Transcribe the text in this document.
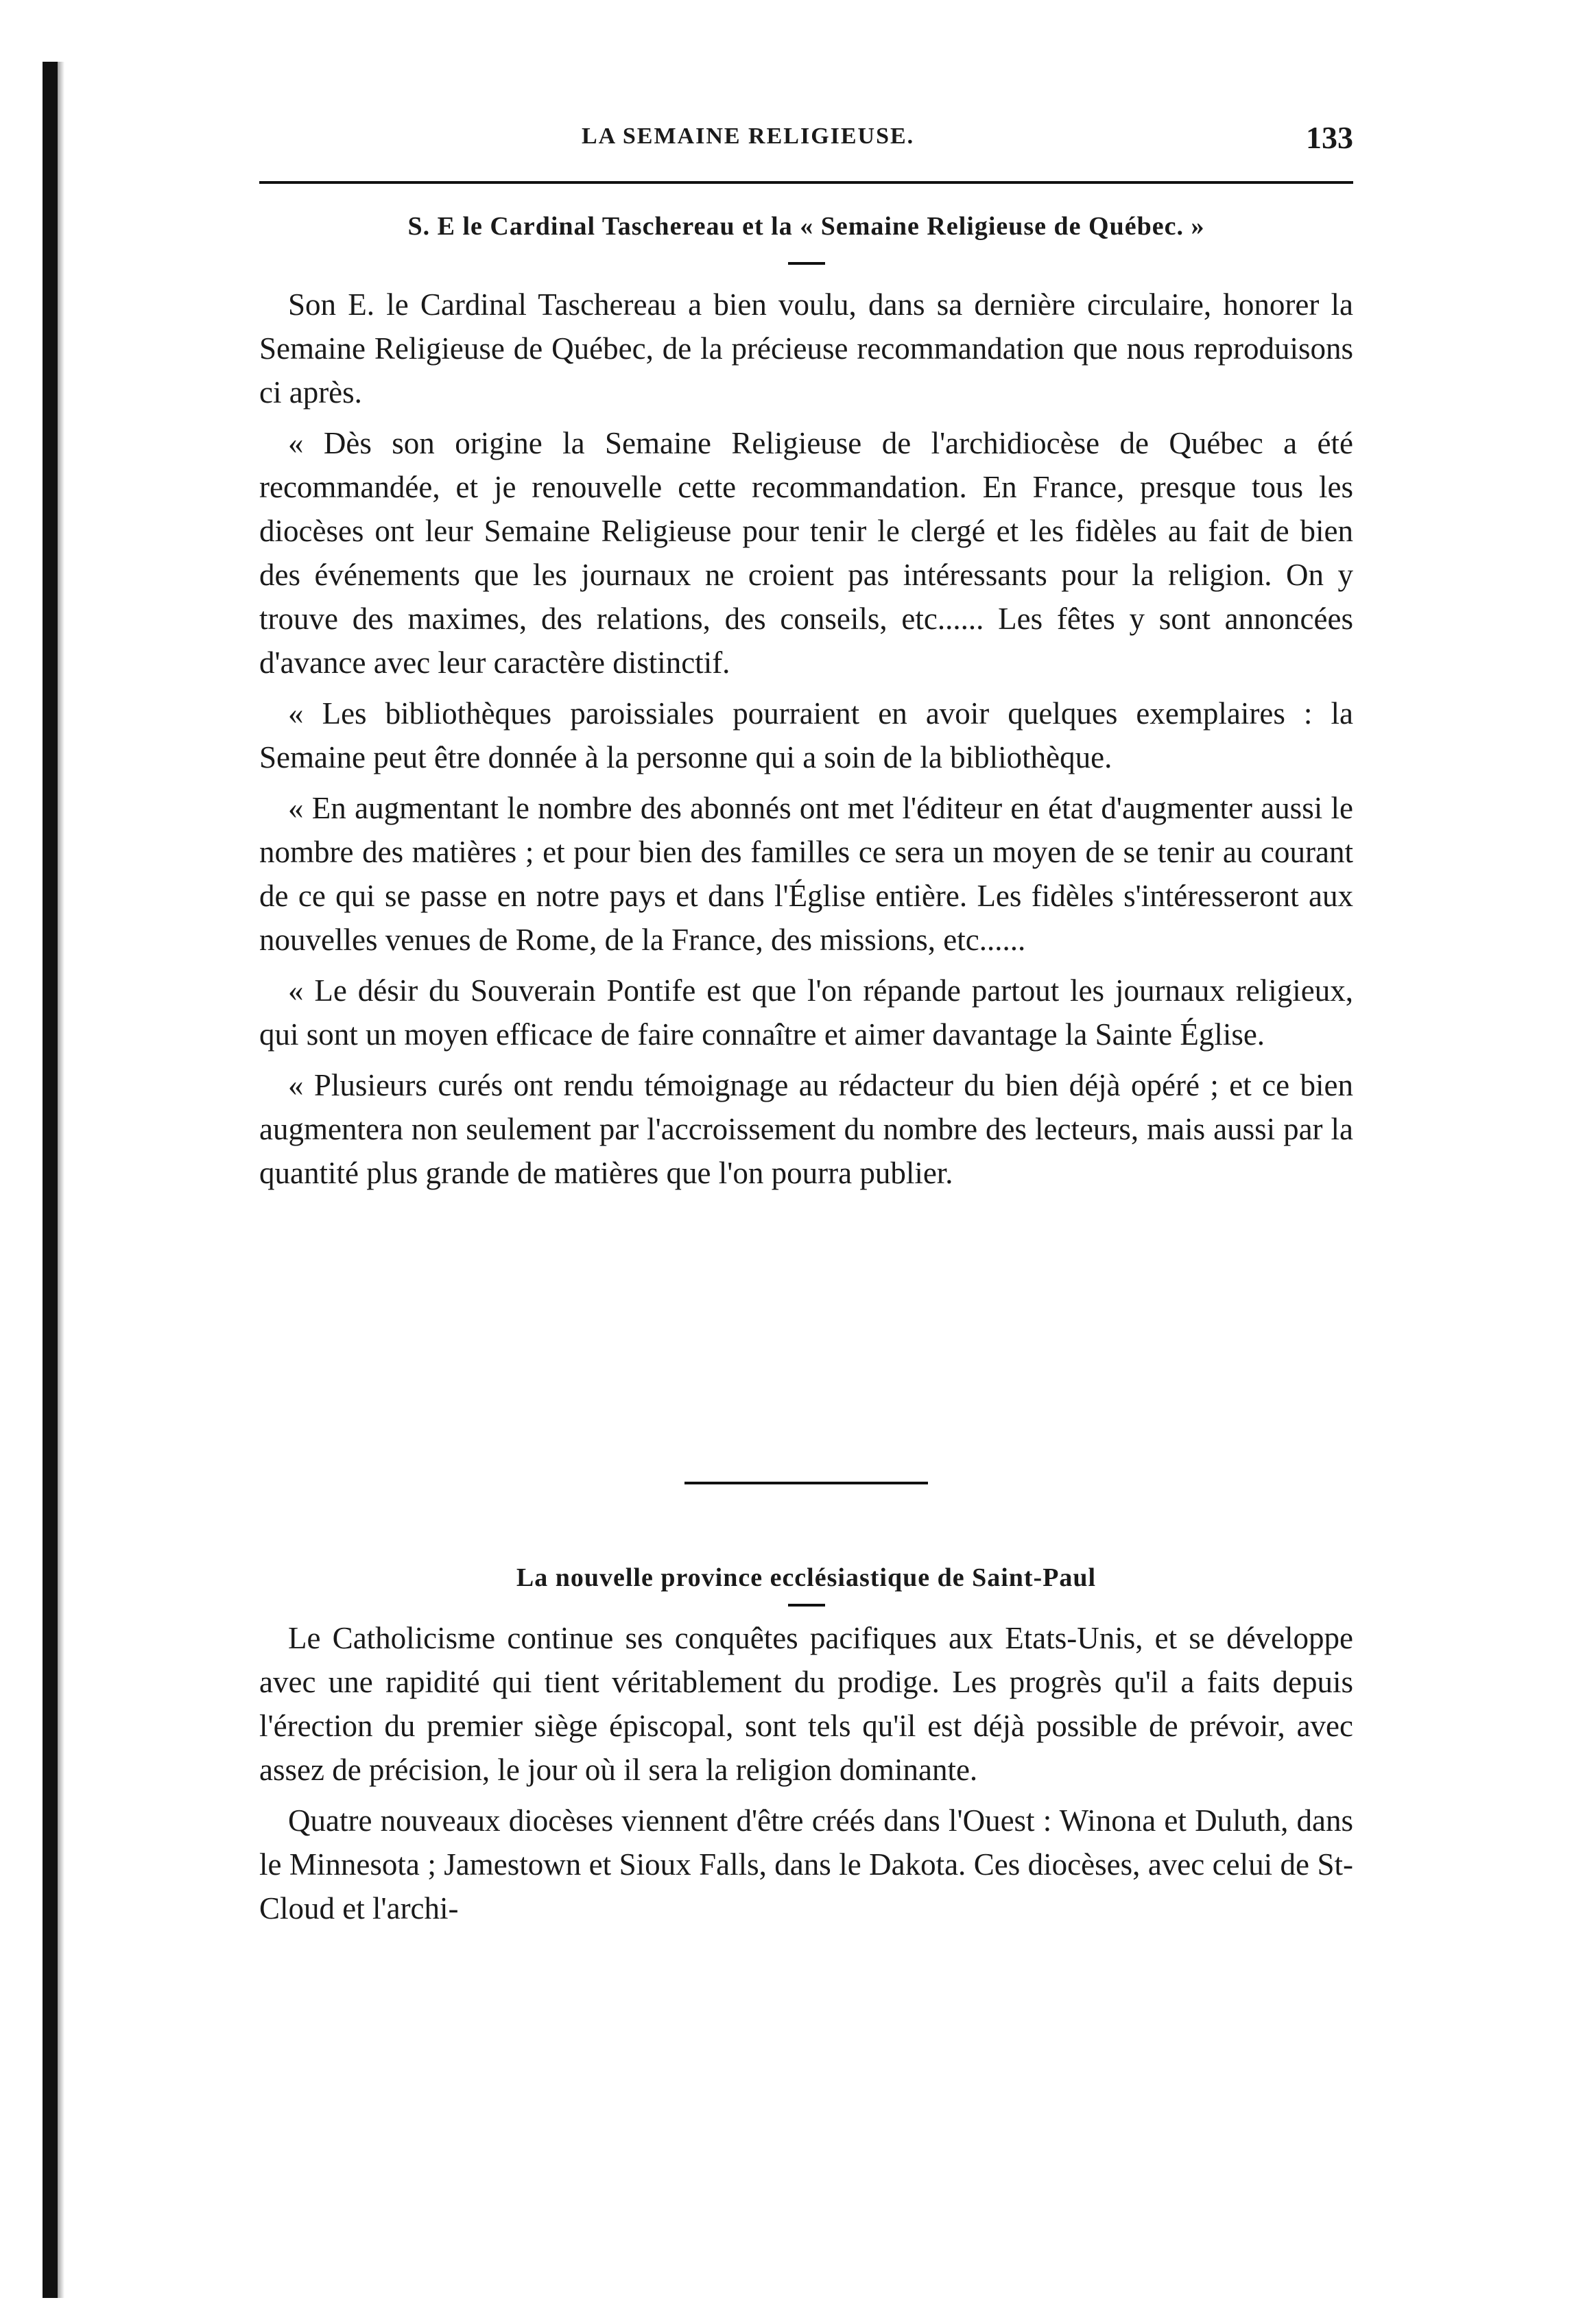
LA SEMAINE RELIGIEUSE.	133
S. E le Cardinal Taschereau et la « Semaine Religieuse de Québec. »

Son E. le Cardinal Taschereau a bien voulu, dans sa dernière circulaire, honorer la Semaine Religieuse de Québec, de la précieuse recommandation que nous reproduisons ci après.

« Dès son origine la Semaine Religieuse de l'archidiocèse de Québec a été recommandée, et je renouvelle cette recommandation. En France, presque tous les diocèses ont leur Semaine Religieuse pour tenir le clergé et les fidèles au fait de bien des événements que les journaux ne croient pas intéressants pour la religion. On y trouve des maximes, des relations, des conseils, etc...... Les fêtes y sont annoncées d'avance avec leur caractère distinctif.

« Les bibliothèques paroissiales pourraient en avoir quelques exemplaires : la Semaine peut être donnée à la personne qui a soin de la bibliothèque.

« En augmentant le nombre des abonnés ont met l'éditeur en état d'augmenter aussi le nombre des matières ; et pour bien des familles ce sera un moyen de se tenir au courant de ce qui se passe en notre pays et dans l'Église entière. Les fidèles s'intéresseront aux nouvelles venues de Rome, de la France, des missions, etc......

« Le désir du Souverain Pontife est que l'on répande partout les journaux religieux, qui sont un moyen efficace de faire connaître et aimer davantage la Sainte Église.

« Plusieurs curés ont rendu témoignage au rédacteur du bien déjà opéré ; et ce bien augmentera non seulement par l'accroissement du nombre des lecteurs, mais aussi par la quantité plus grande de matières que l'on pourra publier.

La nouvelle province ecclésiastique de Saint-Paul

Le Catholicisme continue ses conquêtes pacifiques aux Etats-Unis, et se développe avec une rapidité qui tient véritablement du prodige. Les progrès qu'il a faits depuis l'érection du premier siège épiscopal, sont tels qu'il est déjà possible de prévoir, avec assez de précision, le jour où il sera la religion dominante.

Quatre nouveaux diocèses viennent d'être créés dans l'Ouest : Winona et Duluth, dans le Minnesota ; Jamestown et Sioux Falls, dans le Dakota. Ces diocèses, avec celui de St-Cloud et l'archi-
